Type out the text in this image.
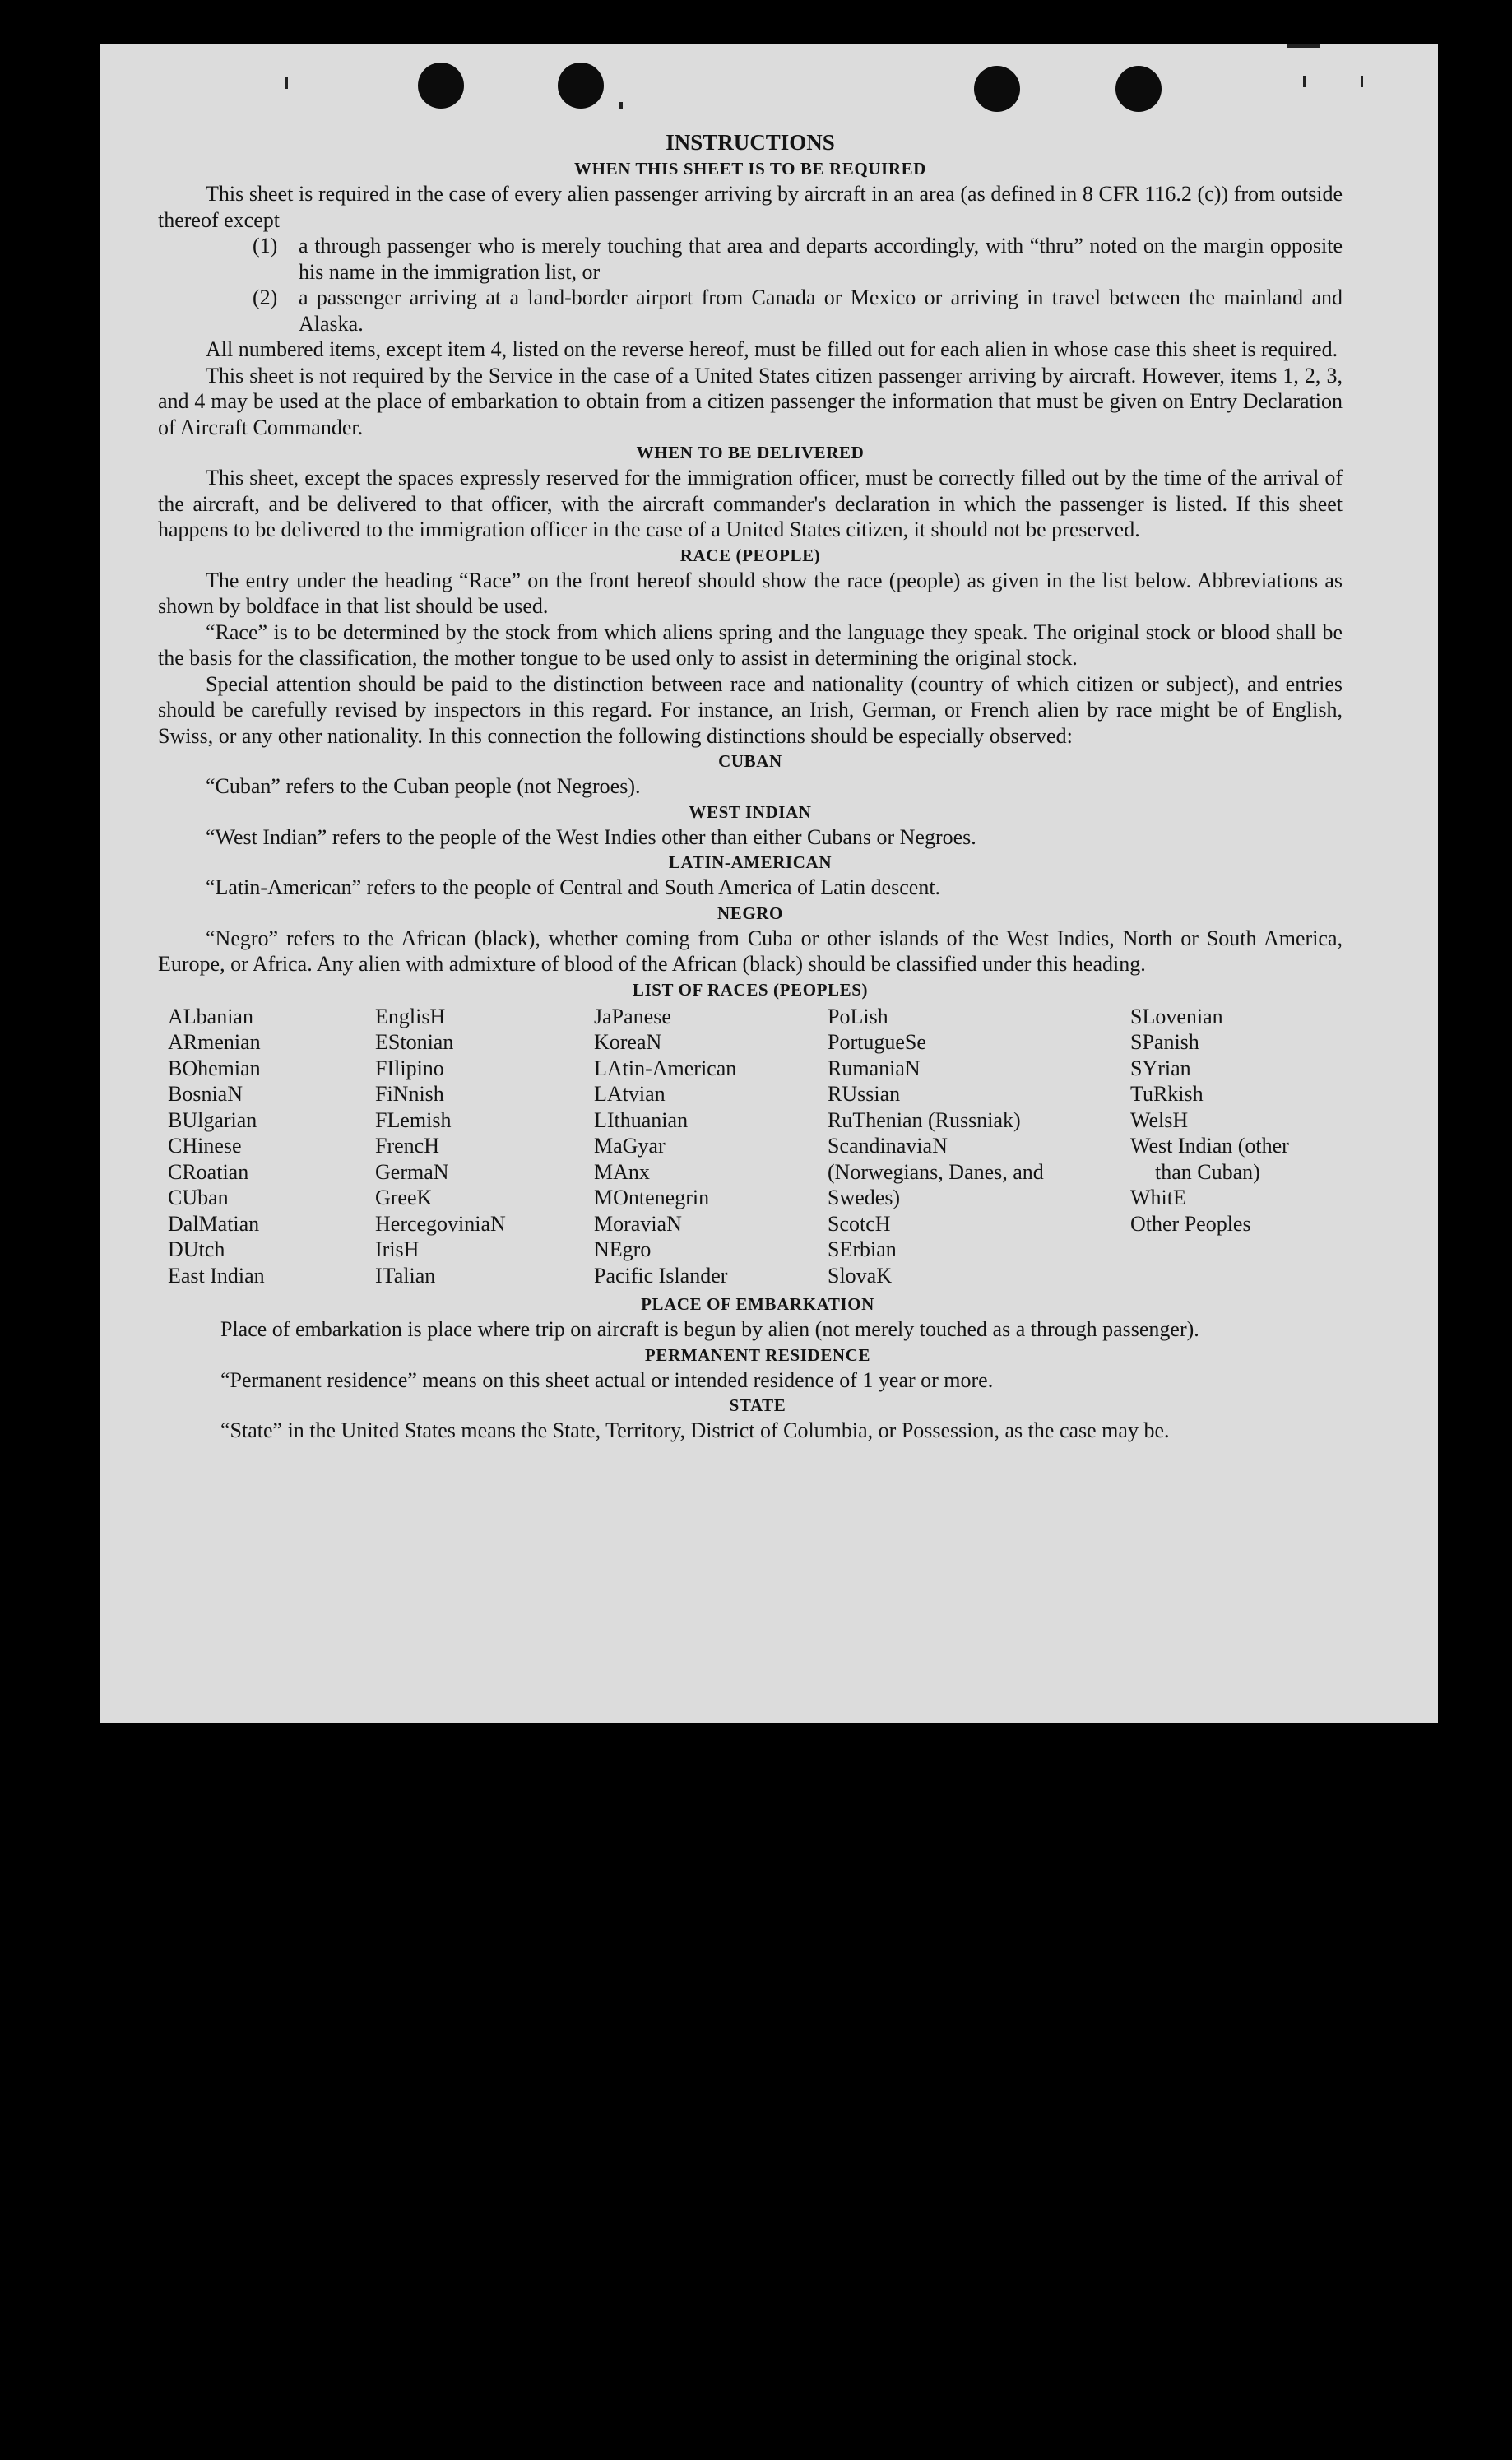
INSTRUCTIONS

WHEN THIS SHEET IS TO BE REQUIRED

This sheet is required in the case of every alien passenger arriving by aircraft in an area (as defined in 8 CFR 116.2 (c)) from outside thereof except

(1) a through passenger who is merely touching that area and departs accordingly, with “thru” noted on the margin opposite his name in the immigration list, or
(2) a passenger arriving at a land-border airport from Canada or Mexico or arriving in travel between the mainland and Alaska.

All numbered items, except item 4, listed on the reverse hereof, must be filled out for each alien in whose case this sheet is required.

This sheet is not required by the Service in the case of a United States citizen passenger arriving by aircraft. However, items 1, 2, 3, and 4 may be used at the place of embarkation to obtain from a citizen passenger the information that must be given on Entry Declaration of Aircraft Commander.

WHEN TO BE DELIVERED

This sheet, except the spaces expressly reserved for the immigration officer, must be correctly filled out by the time of the arrival of the aircraft, and be delivered to that officer, with the aircraft commander's declaration in which the passenger is listed. If this sheet happens to be delivered to the immigration officer in the case of a United States citizen, it should not be preserved.

RACE (PEOPLE)

The entry under the heading “Race” on the front hereof should show the race (people) as given in the list below. Abbreviations as shown by boldface in that list should be used.

“Race” is to be determined by the stock from which aliens spring and the language they speak. The original stock or blood shall be the basis for the classification, the mother tongue to be used only to assist in determining the original stock.

Special attention should be paid to the distinction between race and nationality (country of which citizen or subject), and entries should be carefully revised by inspectors in this regard. For instance, an Irish, German, or French alien by race might be of English, Swiss, or any other nationality. In this connection the following distinctions should be especially observed:

CUBAN

“Cuban” refers to the Cuban people (not Negroes).

WEST INDIAN

“West Indian” refers to the people of the West Indies other than either Cubans or Negroes.

LATIN-AMERICAN

“Latin-American” refers to the people of Central and South America of Latin descent.

NEGRO

“Negro” refers to the African (black), whether coming from Cuba or other islands of the West Indies, North or South America, Europe, or Africa. Any alien with admixture of blood of the African (black) should be classified under this heading.

LIST OF RACES (PEOPLES)

ALbanian
ARmenian
BOhemian
BosniaN
BUlgarian
CHinese
CRoatian
CUban
DalMatian
DUtch
East Indian
EnglisH
EStonian
FIlipino
FiNnish
FLemish
FrencH
GermaN
GreeK
HercegoviniaN
IrisH
ITalian
JaPanese
KoreaN
LAtin-American
LAtvian
LIthuanian
MaGyar
MAnx
MOntenegrin
MoraviaN
NEgro
Pacific Islander
PoLish
PortugueSe
RumaniaN
RUssian
RuThenian (Russniak)
ScandinaviaN (Norwegians, Danes, and Swedes)
ScotcH
SErbian
SlovaK
SLovenian
SPanish
SYrian
TuRkish
WelsH
West Indian (other
than Cuban)
WhitE
Other Peoples

PLACE OF EMBARKATION

Place of embarkation is place where trip on aircraft is begun by alien (not merely touched as a through passenger).

PERMANENT RESIDENCE

“Permanent residence” means on this sheet actual or intended residence of 1 year or more.

STATE

“State” in the United States means the State, Territory, District of Columbia, or Possession, as the case may be.
